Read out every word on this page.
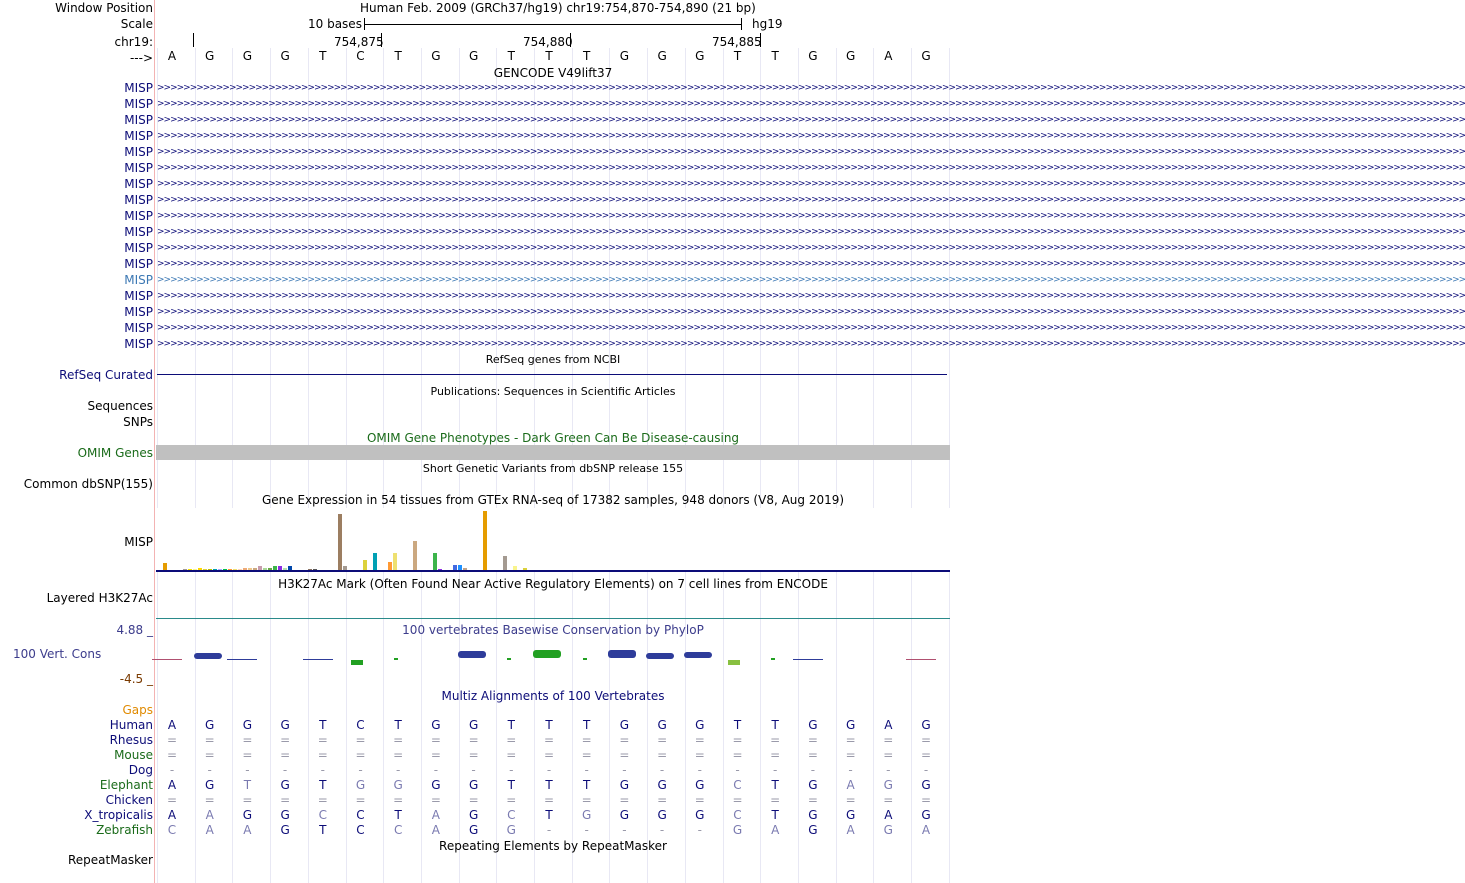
Window Position	Human Feb. 2009 (GRCh37/hg19) chr19:754,870-754,890 (21 bp)
Scale	10 bases	hg19
chr19:	754,875	754,880	754,885
--->	A	G	G	G	T	C	T	G	G	T	T	T	G	G	G	T	T	G	G	A	G
GENCODE V49lift37
MISP >>>>>>>>>>>>>>>>>>>>>>>>>>>>>>>>>>>>>>>>>>>>>>>>>>>>>>>>>>>>>>>>>>>>>>>>>>>>>>>>>>>>>>>>>>>>>>>>>>>>>>>>>>>>>>>>>>>>>>>>>>>>>>>>>>>>>>>>>>>>>>>>>>>>>>>>>>>>>>>>>>>>>>>>>>>>>>>>>>>>>>>>>>>>>>>>>>>>>>>>
MISP >>>>>>>>>>>>>>>>>>>>>>>>>>>>>>>>>>>>>>>>>>>>>>>>>>>>>>>>>>>>>>>>>>>>>>>>>>>>>>>>>>>>>>>>>>>>>>>>>>>>>>>>>>>>>>>>>>>>>>>>>>>>>>>>>>>>>>>>>>>>>>>>>>>>>>>>>>>>>>>>>>>>>>>>>>>>>>>>>>>>>>>>>>>>>>>>>>>>>>>>
MISP >>>>>>>>>>>>>>>>>>>>>>>>>>>>>>>>>>>>>>>>>>>>>>>>>>>>>>>>>>>>>>>>>>>>>>>>>>>>>>>>>>>>>>>>>>>>>>>>>>>>>>>>>>>>>>>>>>>>>>>>>>>>>>>>>>>>>>>>>>>>>>>>>>>>>>>>>>>>>>>>>>>>>>>>>>>>>>>>>>>>>>>>>>>>>>>>>>>>>>>>
MISP >>>>>>>>>>>>>>>>>>>>>>>>>>>>>>>>>>>>>>>>>>>>>>>>>>>>>>>>>>>>>>>>>>>>>>>>>>>>>>>>>>>>>>>>>>>>>>>>>>>>>>>>>>>>>>>>>>>>>>>>>>>>>>>>>>>>>>>>>>>>>>>>>>>>>>>>>>>>>>>>>>>>>>>>>>>>>>>>>>>>>>>>>>>>>>>>>>>>>>>>
MISP >>>>>>>>>>>>>>>>>>>>>>>>>>>>>>>>>>>>>>>>>>>>>>>>>>>>>>>>>>>>>>>>>>>>>>>>>>>>>>>>>>>>>>>>>>>>>>>>>>>>>>>>>>>>>>>>>>>>>>>>>>>>>>>>>>>>>>>>>>>>>>>>>>>>>>>>>>>>>>>>>>>>>>>>>>>>>>>>>>>>>>>>>>>>>>>>>>>>>>>>
MISP >>>>>>>>>>>>>>>>>>>>>>>>>>>>>>>>>>>>>>>>>>>>>>>>>>>>>>>>>>>>>>>>>>>>>>>>>>>>>>>>>>>>>>>>>>>>>>>>>>>>>>>>>>>>>>>>>>>>>>>>>>>>>>>>>>>>>>>>>>>>>>>>>>>>>>>>>>>>>>>>>>>>>>>>>>>>>>>>>>>>>>>>>>>>>>>>>>>>>>>>
MISP >>>>>>>>>>>>>>>>>>>>>>>>>>>>>>>>>>>>>>>>>>>>>>>>>>>>>>>>>>>>>>>>>>>>>>>>>>>>>>>>>>>>>>>>>>>>>>>>>>>>>>>>>>>>>>>>>>>>>>>>>>>>>>>>>>>>>>>>>>>>>>>>>>>>>>>>>>>>>>>>>>>>>>>>>>>>>>>>>>>>>>>>>>>>>>>>>>>>>>>>
MISP >>>>>>>>>>>>>>>>>>>>>>>>>>>>>>>>>>>>>>>>>>>>>>>>>>>>>>>>>>>>>>>>>>>>>>>>>>>>>>>>>>>>>>>>>>>>>>>>>>>>>>>>>>>>>>>>>>>>>>>>>>>>>>>>>>>>>>>>>>>>>>>>>>>>>>>>>>>>>>>>>>>>>>>>>>>>>>>>>>>>>>>>>>>>>>>>>>>>>>>>
MISP >>>>>>>>>>>>>>>>>>>>>>>>>>>>>>>>>>>>>>>>>>>>>>>>>>>>>>>>>>>>>>>>>>>>>>>>>>>>>>>>>>>>>>>>>>>>>>>>>>>>>>>>>>>>>>>>>>>>>>>>>>>>>>>>>>>>>>>>>>>>>>>>>>>>>>>>>>>>>>>>>>>>>>>>>>>>>>>>>>>>>>>>>>>>>>>>>>>>>>>>
MISP >>>>>>>>>>>>>>>>>>>>>>>>>>>>>>>>>>>>>>>>>>>>>>>>>>>>>>>>>>>>>>>>>>>>>>>>>>>>>>>>>>>>>>>>>>>>>>>>>>>>>>>>>>>>>>>>>>>>>>>>>>>>>>>>>>>>>>>>>>>>>>>>>>>>>>>>>>>>>>>>>>>>>>>>>>>>>>>>>>>>>>>>>>>>>>>>>>>>>>>>
MISP >>>>>>>>>>>>>>>>>>>>>>>>>>>>>>>>>>>>>>>>>>>>>>>>>>>>>>>>>>>>>>>>>>>>>>>>>>>>>>>>>>>>>>>>>>>>>>>>>>>>>>>>>>>>>>>>>>>>>>>>>>>>>>>>>>>>>>>>>>>>>>>>>>>>>>>>>>>>>>>>>>>>>>>>>>>>>>>>>>>>>>>>>>>>>>>>>>>>>>>>
MISP >>>>>>>>>>>>>>>>>>>>>>>>>>>>>>>>>>>>>>>>>>>>>>>>>>>>>>>>>>>>>>>>>>>>>>>>>>>>>>>>>>>>>>>>>>>>>>>>>>>>>>>>>>>>>>>>>>>>>>>>>>>>>>>>>>>>>>>>>>>>>>>>>>>>>>>>>>>>>>>>>>>>>>>>>>>>>>>>>>>>>>>>>>>>>>>>>>>>>>>>
MISP >>>>>>>>>>>>>>>>>>>>>>>>>>>>>>>>>>>>>>>>>>>>>>>>>>>>>>>>>>>>>>>>>>>>>>>>>>>>>>>>>>>>>>>>>>>>>>>>>>>>>>>>>>>>>>>>>>>>>>>>>>>>>>>>>>>>>>>>>>>>>>>>>>>>>>>>>>>>>>>>>>>>>>>>>>>>>>>>>>>>>>>>>>>>>>>>>>>>>>>>
MISP >>>>>>>>>>>>>>>>>>>>>>>>>>>>>>>>>>>>>>>>>>>>>>>>>>>>>>>>>>>>>>>>>>>>>>>>>>>>>>>>>>>>>>>>>>>>>>>>>>>>>>>>>>>>>>>>>>>>>>>>>>>>>>>>>>>>>>>>>>>>>>>>>>>>>>>>>>>>>>>>>>>>>>>>>>>>>>>>>>>>>>>>>>>>>>>>>>>>>>>>
MISP >>>>>>>>>>>>>>>>>>>>>>>>>>>>>>>>>>>>>>>>>>>>>>>>>>>>>>>>>>>>>>>>>>>>>>>>>>>>>>>>>>>>>>>>>>>>>>>>>>>>>>>>>>>>>>>>>>>>>>>>>>>>>>>>>>>>>>>>>>>>>>>>>>>>>>>>>>>>>>>>>>>>>>>>>>>>>>>>>>>>>>>>>>>>>>>>>>>>>>>>
MISP >>>>>>>>>>>>>>>>>>>>>>>>>>>>>>>>>>>>>>>>>>>>>>>>>>>>>>>>>>>>>>>>>>>>>>>>>>>>>>>>>>>>>>>>>>>>>>>>>>>>>>>>>>>>>>>>>>>>>>>>>>>>>>>>>>>>>>>>>>>>>>>>>>>>>>>>>>>>>>>>>>>>>>>>>>>>>>>>>>>>>>>>>>>>>>>>>>>>>>>>
MISP >>>>>>>>>>>>>>>>>>>>>>>>>>>>>>>>>>>>>>>>>>>>>>>>>>>>>>>>>>>>>>>>>>>>>>>>>>>>>>>>>>>>>>>>>>>>>>>>>>>>>>>>>>>>>>>>>>>>>>>>>>>>>>>>>>>>>>>>>>>>>>>>>>>>>>>>>>>>>>>>>>>>>>>>>>>>>>>>>>>>>>>>>>>>>>>>>>>>>>>>
RefSeq genes from NCBI
RefSeq Curated
Publications: Sequences in Scientific Articles
Sequences
SNPs
OMIM Gene Phenotypes - Dark Green Can Be Disease-causing
OMIM Genes
Short Genetic Variants from dbSNP release 155
Common dbSNP(155)
Gene Expression in 54 tissues from GTEx RNA-seq of 17382 samples, 948 donors (V8, Aug 2019)
MISP
H3K27Ac Mark (Often Found Near Active Regulatory Elements) on 7 cell lines from ENCODE
Layered H3K27Ac
100 vertebrates Basewise Conservation by PhyloP
4.88 _
100 Vert. Cons
-4.5 _
Multiz Alignments of 100 Vertebrates
Gaps
Human	A	G	G	G	T	C	T	G	G	T	T	T	G	G	G	T	T	G	G	A	G
Rhesus	=	=	=	=	=	=	=	=	=	=	=	=	=	=	=	=	=	=	=	=	=
Mouse	=	=	=	=	=	=	=	=	=	=	=	=	=	=	=	=	=	=	=	=	=
Dog	-	-	-	-	-	-	-	-	-	-	-	-	-	-	-	-	-	-	-	-	-
Elephant	A	G	T	G	T	G	G	G	G	T	T	T	G	G	G	C	T	G	A	G	G
Chicken	=	=	=	=	=	=	=	=	=	=	=	=	=	=	=	=	=	=	=	=	=
X_tropicalis	A	A	G	G	C	C	T	A	G	C	T	G	G	G	G	C	T	G	G	A	G
Zebrafish	C	A	A	G	T	C	C	A	G	G	-	-	-	-	-	G	A	G	A	G	A
Repeating Elements by RepeatMasker
RepeatMasker
